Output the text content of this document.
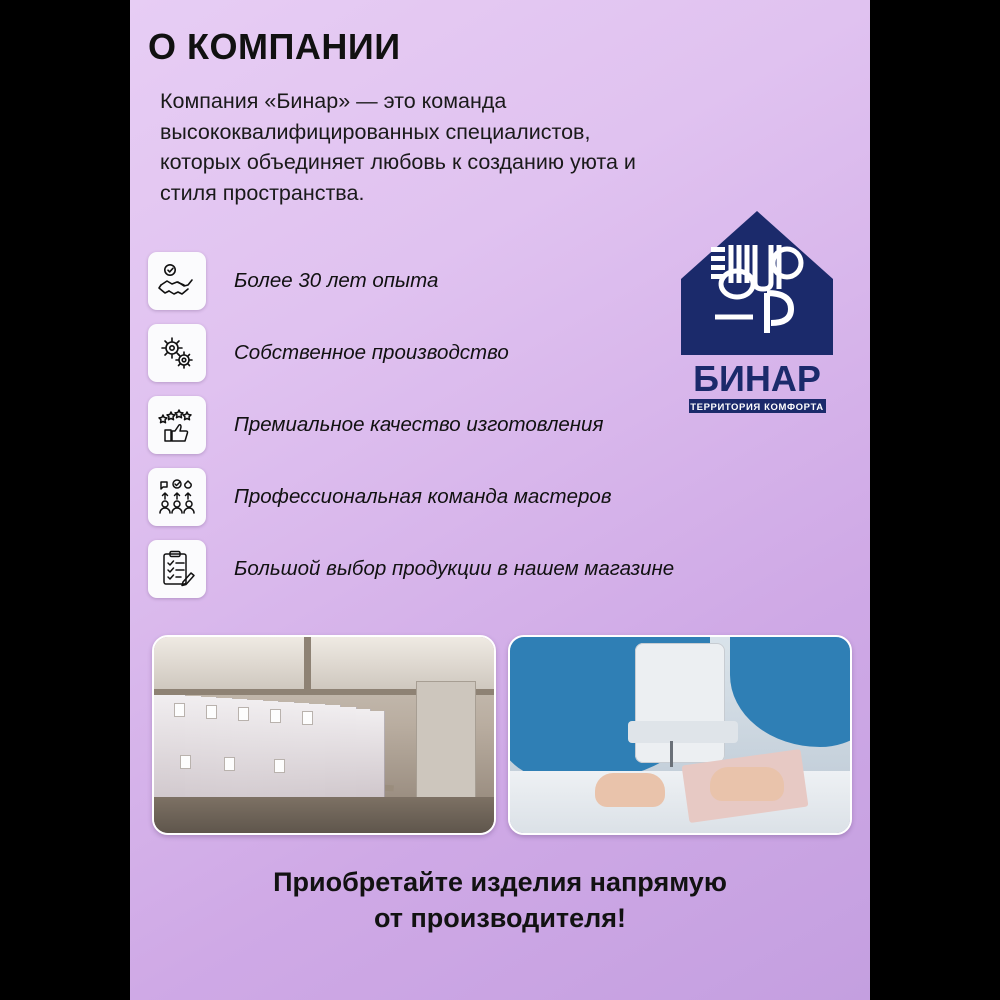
О КОМПАНИИ
Компания «Бинар» — это команда высококвалифицированных специалистов, которых объединяет любовь к созданию уюта и стиля пространства.
БИНАР
ТЕРРИТОРИЯ КОМФОРТА
Более 30 лет опыта
Собственное производство
Премиальное качество изготовления
Профессиональная команда мастеров
Большой выбор продукции в нашем магазине
Приобретайте изделия напрямую
от производителя!
